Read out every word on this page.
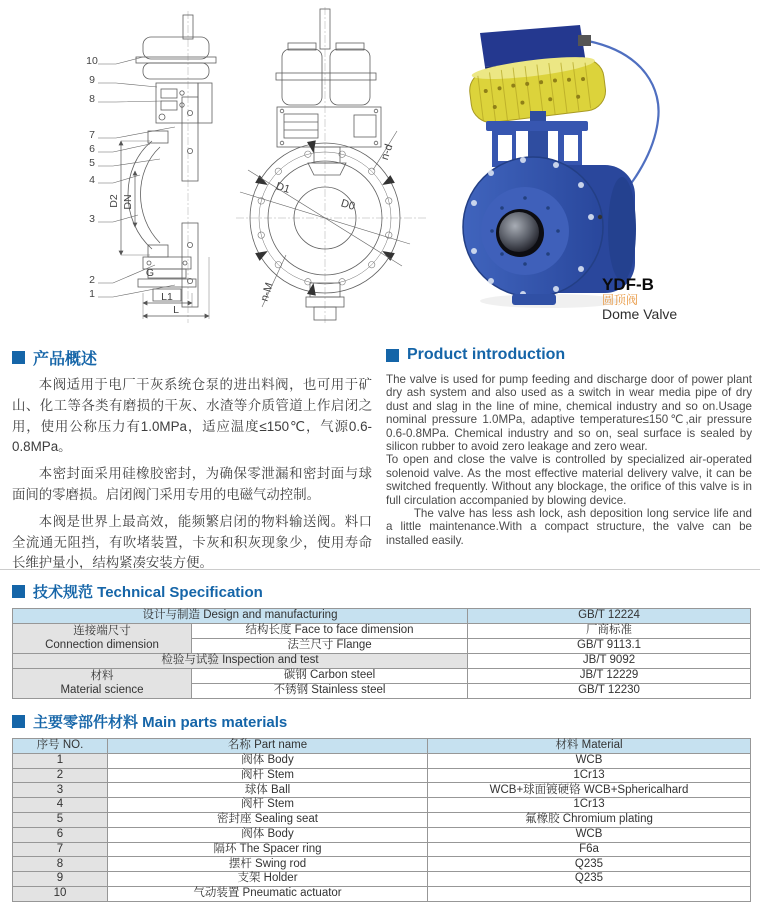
10
9
8
7
6
5
4
3
2
1
D2 DN
G
L1
L
D1
D0
n-d
n-M	YDF-B
圆顶阀
Dome Valve
产品概述

本阀适用于电厂干灰系统仓泵的进出料阀，也可用于矿山、化工等各类有磨损的干灰、水渣等介质管道上作启闭之用，使用公称压力有1.0MPa，适应温度≤150℃，气源0.6-0.8MPa。

本密封面采用硅橡胶密封，为确保零泄漏和密封面与球面间的零磨损。启闭阀门采用专用的电磁气动控制。

本阀是世界上最高效，能频繁启闭的物料输送阀。料口全流通无阻挡，有吹堵装置，卡灰和积灰现象少，使用寿命长维护量小，结构紧凑安装方便。

Product introduction

The valve is used for pump feeding and discharge door of power plant dry ash system and also used as a switch in wear media pipe of dry dust and slag in the line of mine, chemical industry and so on.Usage nominal pressure 1.0MPa, adaptive temperature≤150℃,air pressure 0.6-0.8MPa. Chemical industry and so on, seal surface is sealed by silicon rubber to avoid zero leakage and zero wear.

To open and close the valve is controlled by specialized air-operated solenoid valve. As the most effective material delivery valve, it can be switched frequently. Without any blockage, the orifice of this valve is in full circulation accompanied by blowing device.

The valve has less ash lock, ash deposition long service life and a little maintenance.With a compact structure, the valve can be installed easily.

技术规范 Technical Specification
设计与制造 Design and manufacturing		GB/T 12224

连接端尺寸
Connection dimension	结构长度 Face to face dimension	厂商标准
	法兰尺寸 Flange	GB/T 9113.1
检验与试验 Inspection and test		JB/T 9092

材料
Material science	碳钢 Carbon steel	JB/T 12229
	不锈钢 Stainless steel	GB/T 12230
主要零部件材料 Main parts materials
序号 NO.	名称 Part name	材料 Material
1	阀体 Body	WCB
2	阀杆 Stem	1Cr13
3	球体 Ball	WCB+球面镀硬铬 WCB+Sphericalhard
4	阀杆 Stem	1Cr13
5	密封座 Sealing seat	氟橡胶 Chromium plating
6	阀体 Body	WCB
7	隔环 The Spacer ring	F6a
8	摆杆 Swing rod	Q235
9	支架 Holder	Q235
10	气动装置 Pneumatic actuator	
